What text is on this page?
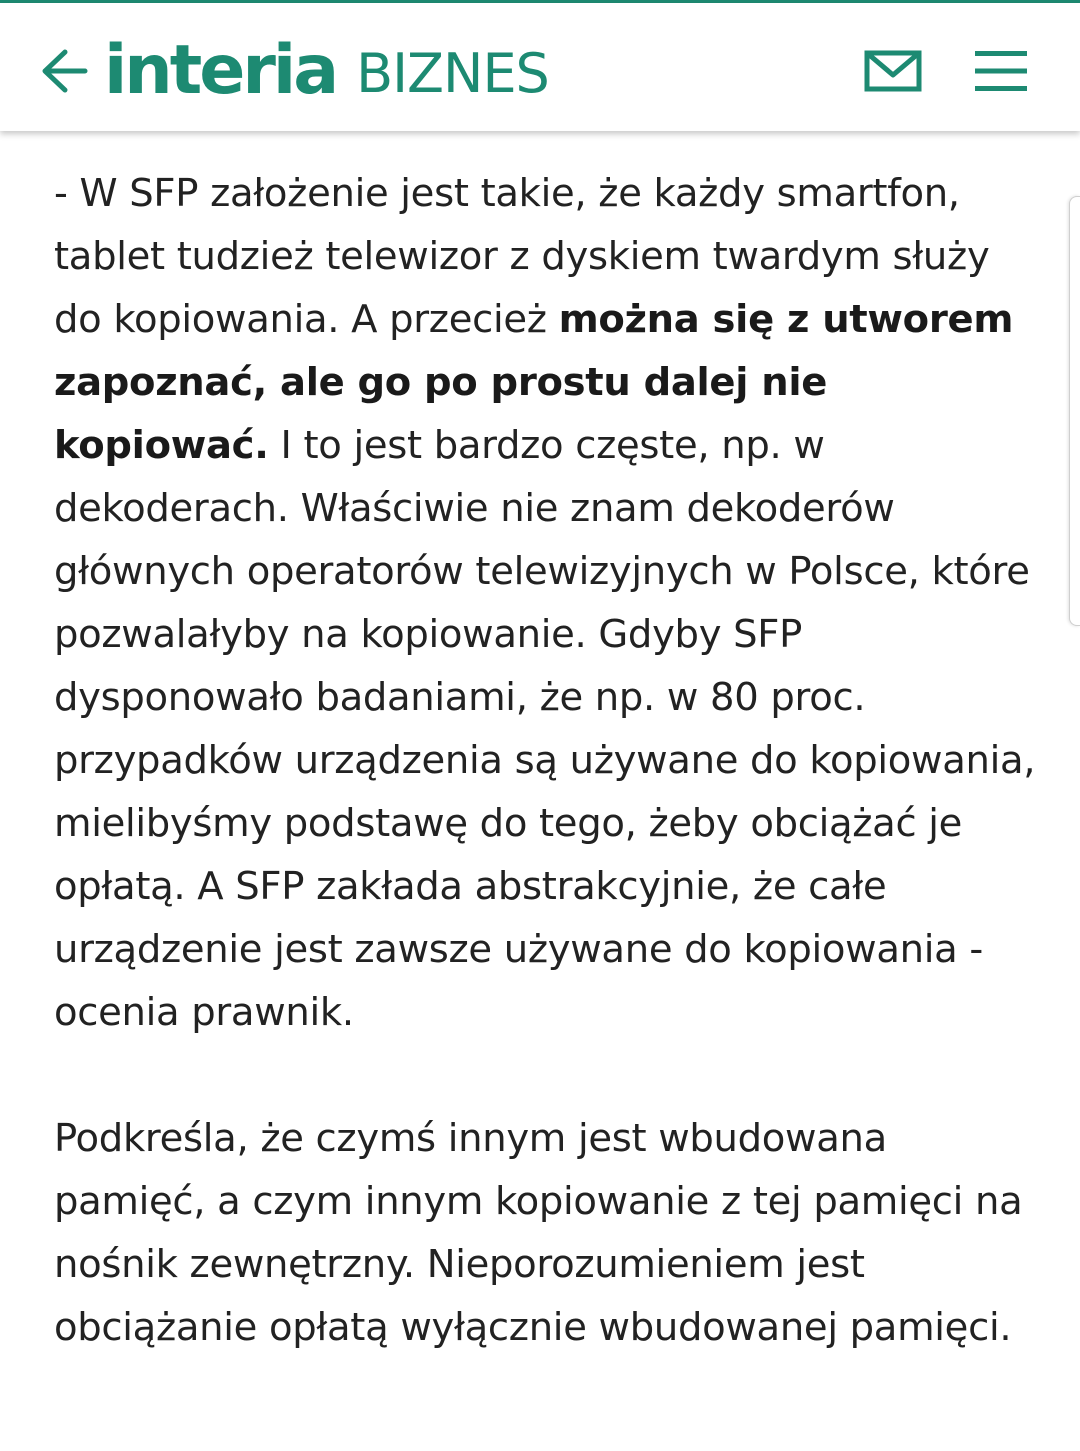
interia BIZNES

- W SFP założenie jest takie, że każdy smartfon, tablet tudzież telewizor z dyskiem twardym służy do kopiowania. A przecież można się z utworem zapoznać, ale go po prostu dalej nie kopiować. I to jest bardzo częste, np. w dekoderach. Właściwie nie znam dekoderów głównych operatorów telewizyjnych w Polsce, które pozwalałyby na kopiowanie. Gdyby SFP dysponowało badaniami, że np. w 80 proc. przypadków urządzenia są używane do kopiowania, mielibyśmy podstawę do tego, żeby obciążać je opłatą. A SFP zakłada abstrakcyjnie, że całe urządzenie jest zawsze używane do kopiowania - ocenia prawnik.

Podkreśla, że czymś innym jest wbudowana pamięć, a czym innym kopiowanie z tej pamięci na nośnik zewnętrzny. Nieporozumieniem jest obciążanie opłatą wyłącznie wbudowanej pamięci.
